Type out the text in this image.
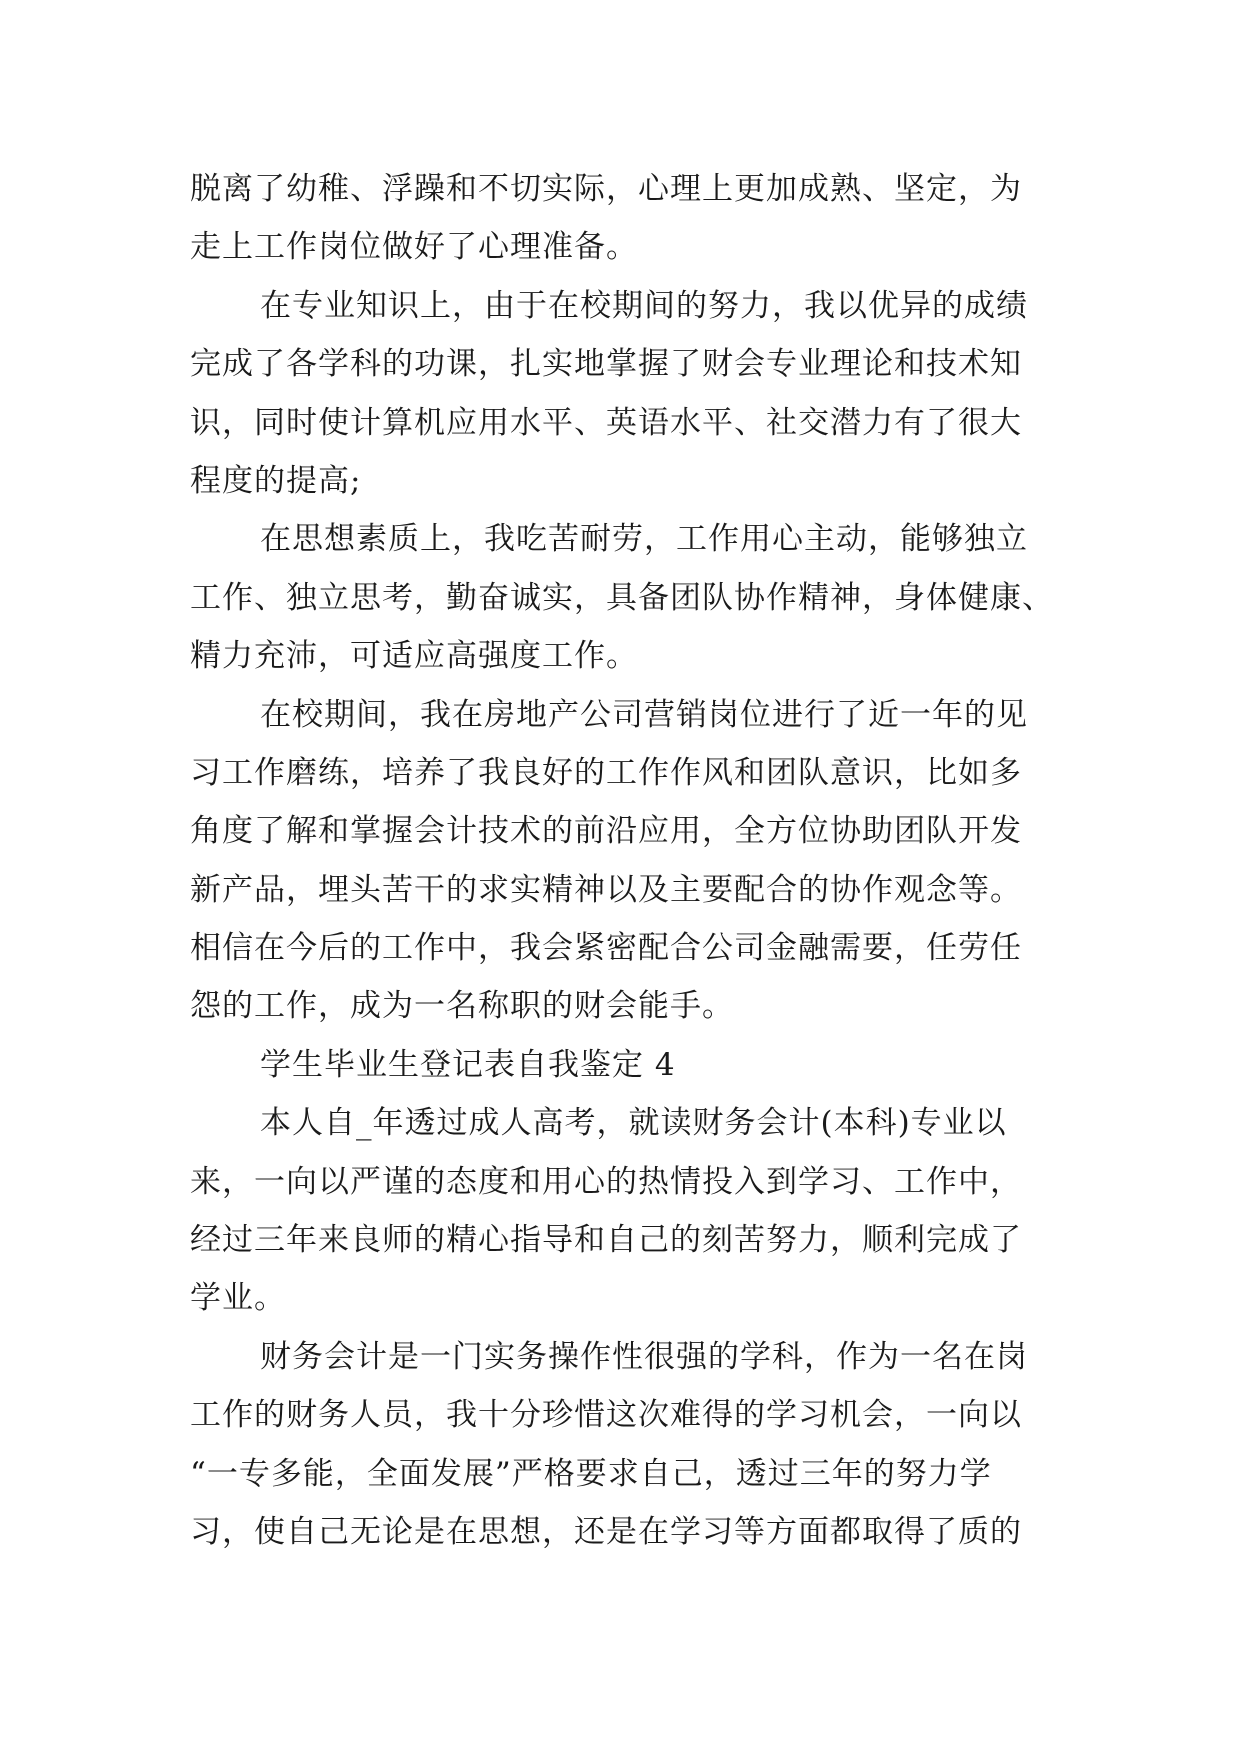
脱离了幼稚、浮躁和不切实际，心理上更加成熟、坚定，为
走上工作岗位做好了心理准备。
在专业知识上，由于在校期间的努力，我以优异的成绩
完成了各学科的功课，扎实地掌握了财会专业理论和技术知
识，同时使计算机应用水平、英语水平、社交潜力有了很大
程度的提高;
在思想素质上，我吃苦耐劳，工作用心主动，能够独立
工作、独立思考，勤奋诚实，具备团队协作精神，身体健康、
精力充沛，可适应高强度工作。
在校期间，我在房地产公司营销岗位进行了近一年的见
习工作磨练，培养了我良好的工作作风和团队意识，比如多
角度了解和掌握会计技术的前沿应用，全方位协助团队开发
新产品，埋头苦干的求实精神以及主要配合的协作观念等。
相信在今后的工作中，我会紧密配合公司金融需要，任劳任
怨的工作，成为一名称职的财会能手。
学生毕业生登记表自我鉴定 4
本人自_年透过成人高考，就读财务会计(本科)专业以
来，一向以严谨的态度和用心的热情投入到学习、工作中，
经过三年来良师的精心指导和自己的刻苦努力，顺利完成了
学业。
财务会计是一门实务操作性很强的学科，作为一名在岗
工作的财务人员，我十分珍惜这次难得的学习机会，一向以
“一专多能，全面发展”严格要求自己，透过三年的努力学
习，使自己无论是在思想，还是在学习等方面都取得了质的
